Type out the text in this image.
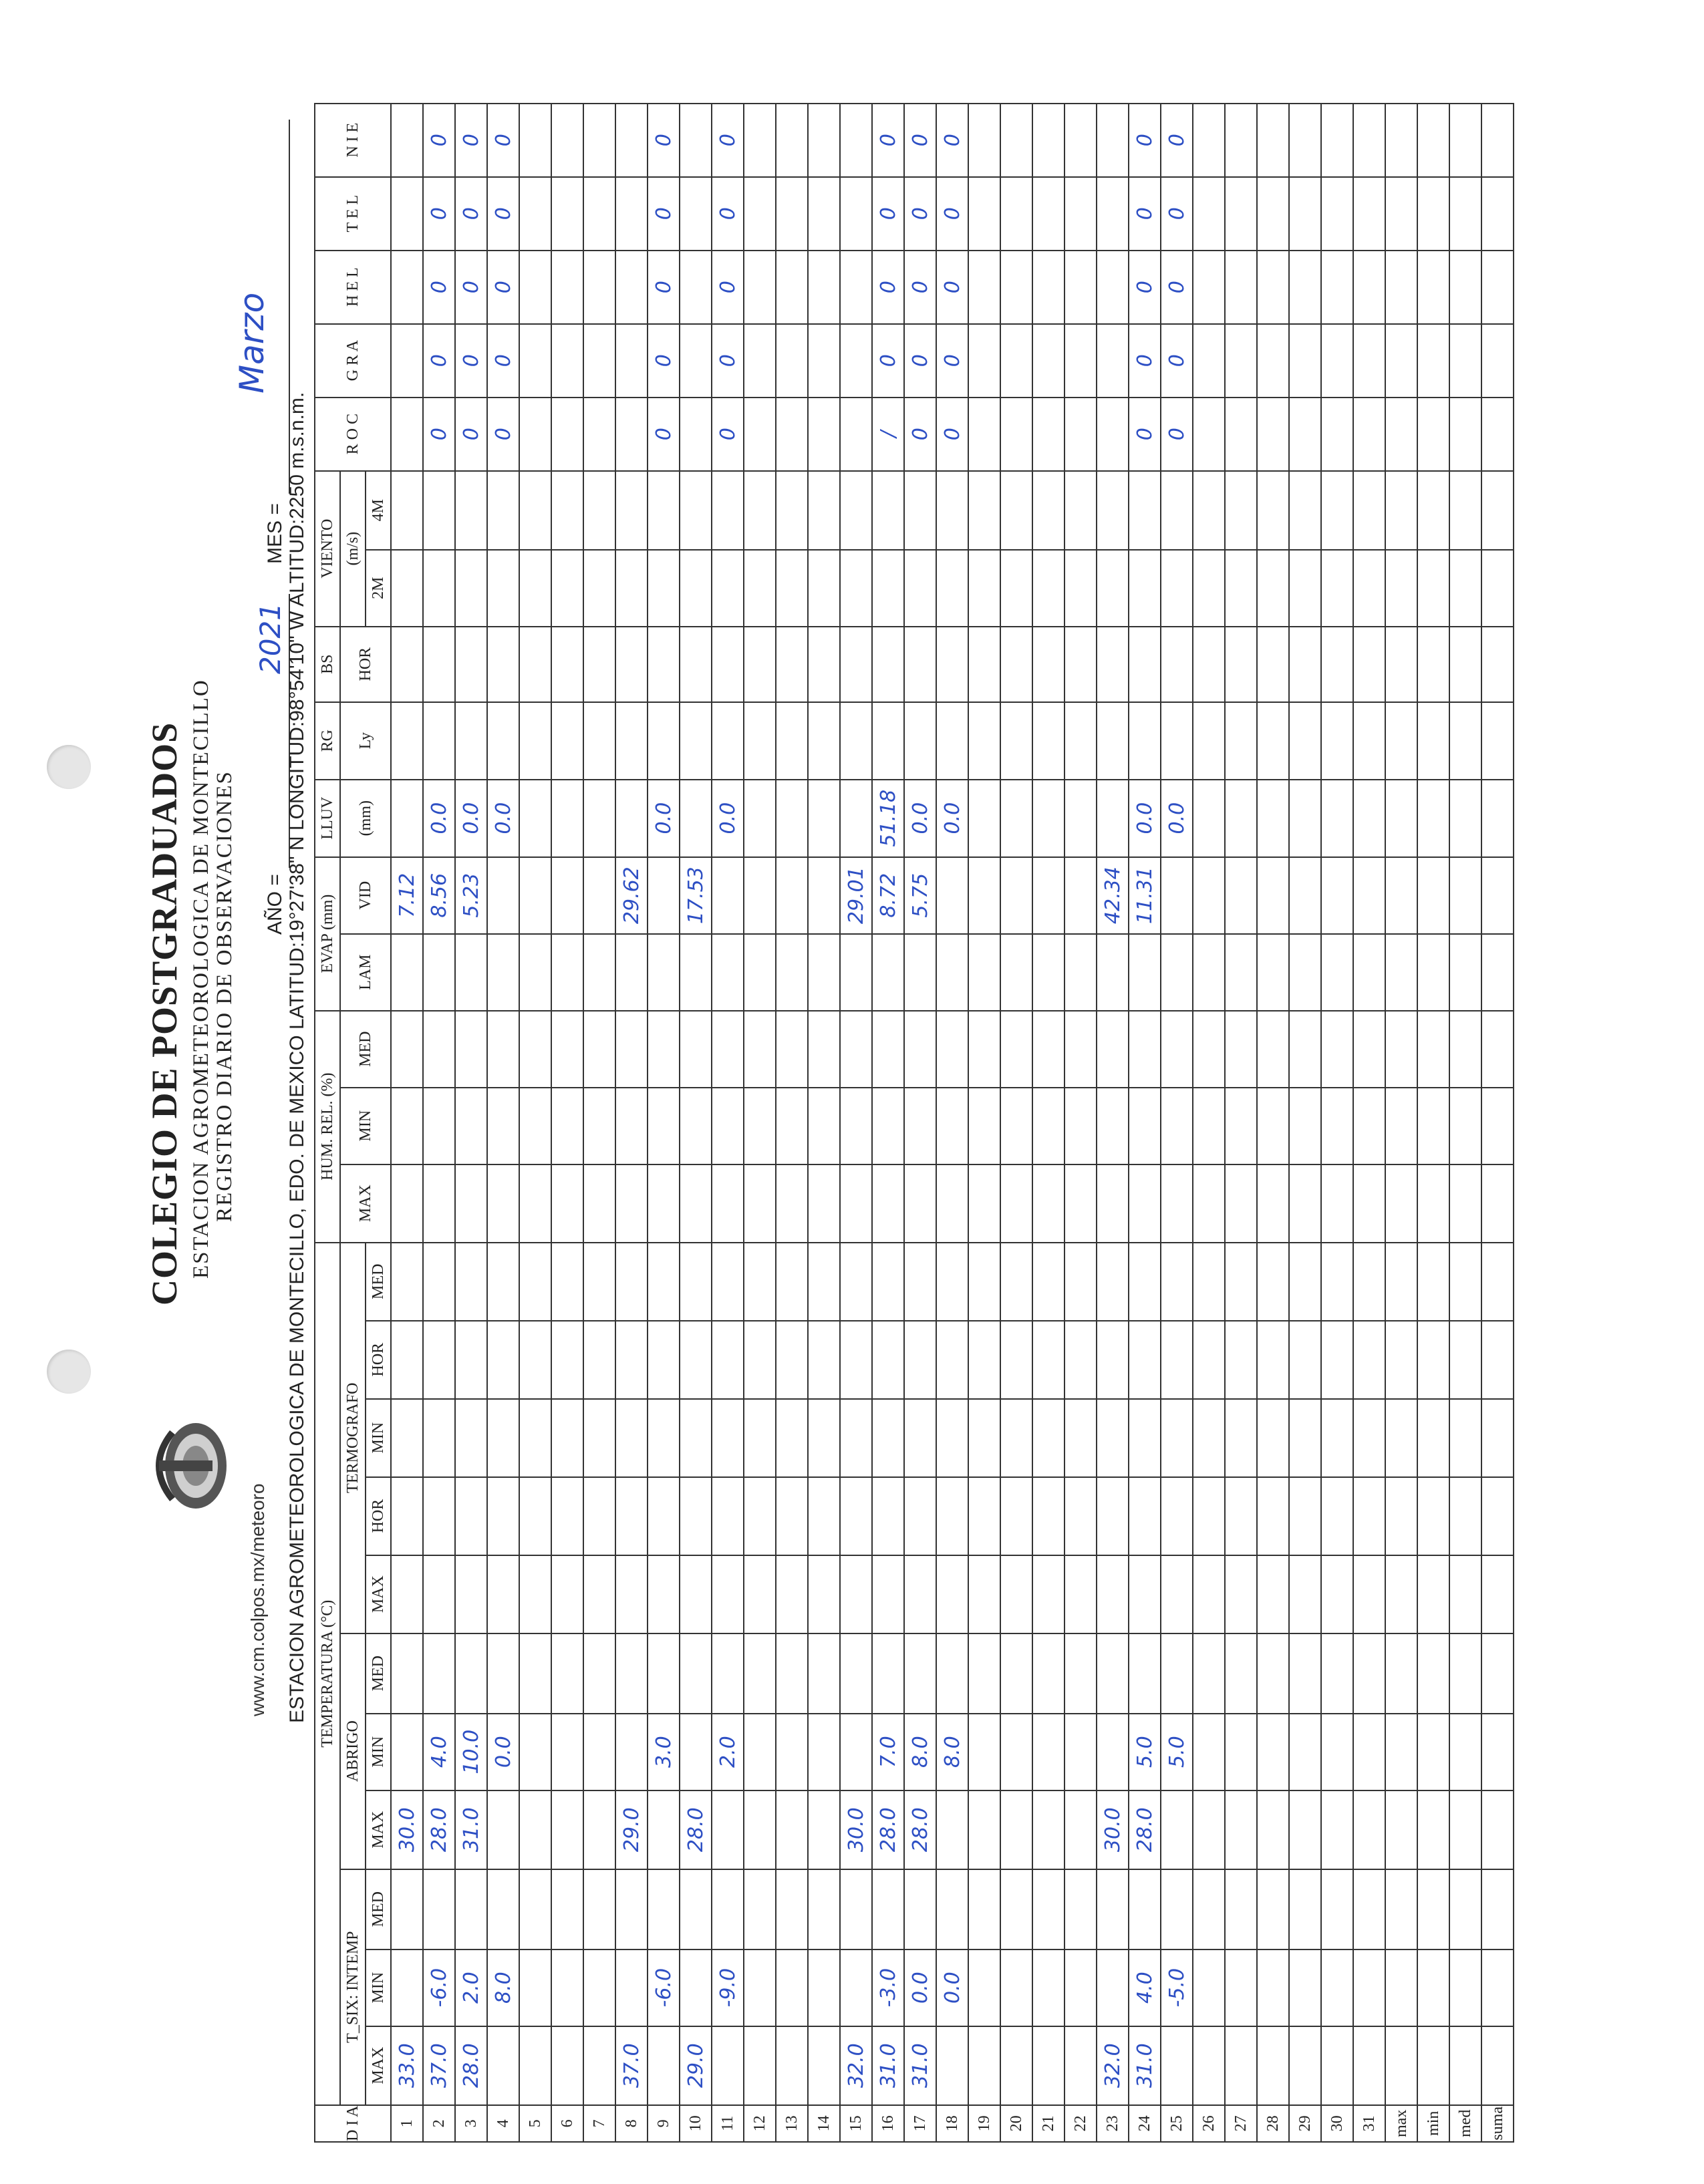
www.cm.colpos.mx/meteoro
COLEGIO DE POSTGRADUADOS ESTACION AGROMETEOROLOGICA DE MONTECILLO REGISTRO DIARIO DE OBSERVACIONES AÑO =
2021
MES =
Marzo
ESTACION AGROMETEOROLOGICA DE MONTECILLO, EDO. DE MEXICO LATITUD:19°27'38" N LONGITUD:98°54'10" W ALTITUD:2250 m.s.n.m.
D I A	TEMPERATURA (°C)											HUM. REL. (%)			EVAP (mm)		LLUV	RG	BS	VIENTO		R O C	G R A	H E L	T E L	N I E
	T_SIX: INTEMP			ABRIGO			TERMOGRAFO					MAX	MIN	MED	LAM	VID	(mm)	Ly	HOR	(m/s)						
	MAX	MIN	MED	MAX	MIN	MED	MAX	HOR	MIN	HOR	MED									2M	4M					

1	33.0			30.0												7.12										
2	37.0	-6.0		28.0	4.0											8.56	0.0					0	0	0	0	0
3	28.0	2.0		31.0	10.0											5.23	0.0					0	0	0	0	0
4		8.0			0.0												0.0					0	0	0	0	0
5																										
6																										
7																										
8	37.0			29.0												29.62										
9		-6.0			3.0												0.0					0	0	0	0	0
10	29.0			28.0												17.53										
11		-9.0			2.0												0.0					0	0	0	0	0
12																										
13																										
14																										
15	32.0			30.0												29.01										
16	31.0	-3.0		28.0	7.0											8.72	51.18					/	0	0	0	0
17	31.0	0.0		28.0	8.0											5.75	0.0					0	0	0	0	0
18		0.0			8.0												0.0					0	0	0	0	0
19																										
20																										
21																										
22																										
23	32.0			30.0												42.34										
24	31.0	4.0		28.0	5.0											11.31	0.0					0	0	0	0	0
25		-5.0			5.0												0.0					0	0	0	0	0
26																										
27																										
28																										
29																										
30																										
31																										
max																										
min																										
med																										
suma																										
